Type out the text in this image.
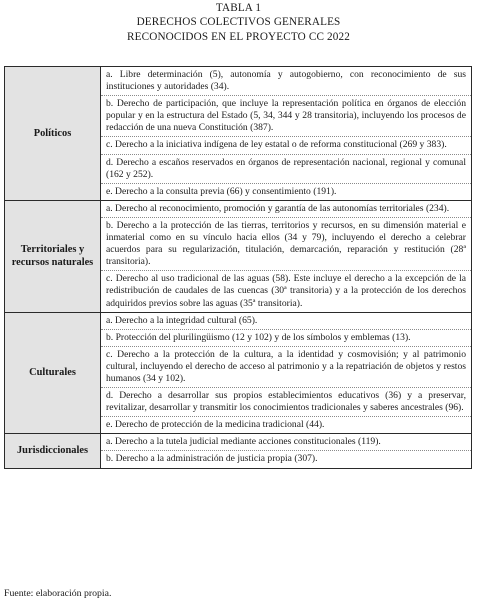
TABLA 1
DERECHOS COLECTIVOS GENERALES
RECONOCIDOS EN EL PROYECTO CC 2022
Políticos	a. Libre determinación (5), autonomía y autogobierno, con reconocimiento de sus instituciones y autoridades (34).
b. Derecho de participación, que incluye la representación política en órganos de elección popular y en la estructura del Estado (5, 34, 344 y 28 transitoria), incluyendo los procesos de redacción de una nueva Constitución (387).
c. Derecho a la iniciativa indígena de ley estatal o de reforma constitucional (269 y 383).
d. Derecho a escaños reservados en órganos de representación nacional, regional y comunal (162 y 252).
e. Derecho a la consulta previa (66) y consentimiento (191).

Territoriales y recursos naturales	a. Derecho al reconocimiento, promoción y garantía de las autonomías territoriales (234).
b. Derecho a la protección de las tierras, territorios y recursos, en su dimensión material e inmaterial como en su vínculo hacia ellos (34 y 79), incluyendo el derecho a celebrar acuerdos para su regularización, titulación, demarcación, reparación y restitución (28ª transitoria).
c. Derecho al uso tradicional de las aguas (58). Este incluye el derecho a la excepción de la redistribución de caudales de las cuencas (30ª transitoria) y a la protección de los derechos adquiridos previos sobre las aguas (35ª transitoria).

Culturales	a. Derecho a la integridad cultural (65).
b. Protección del plurilingüismo (12 y 102) y de los símbolos y emblemas (13).
c. Derecho a la protección de la cultura, a la identidad y cosmovisión; y al patrimonio cultural, incluyendo el derecho de acceso al patrimonio y a la repatriación de objetos y restos humanos (34 y 102).
d. Derecho a desarrollar sus propios establecimientos educativos (36) y a preservar, revitalizar, desarrollar y transmitir los conocimientos tradicionales y saberes ancestrales (96).
e. Derecho de protección de la medicina tradicional (44).

Jurisdiccionales	a. Derecho a la tutela judicial mediante acciones constitucionales (119).
b. Derecho a la administración de justicia propia (307).
Fuente: elaboración propia.
